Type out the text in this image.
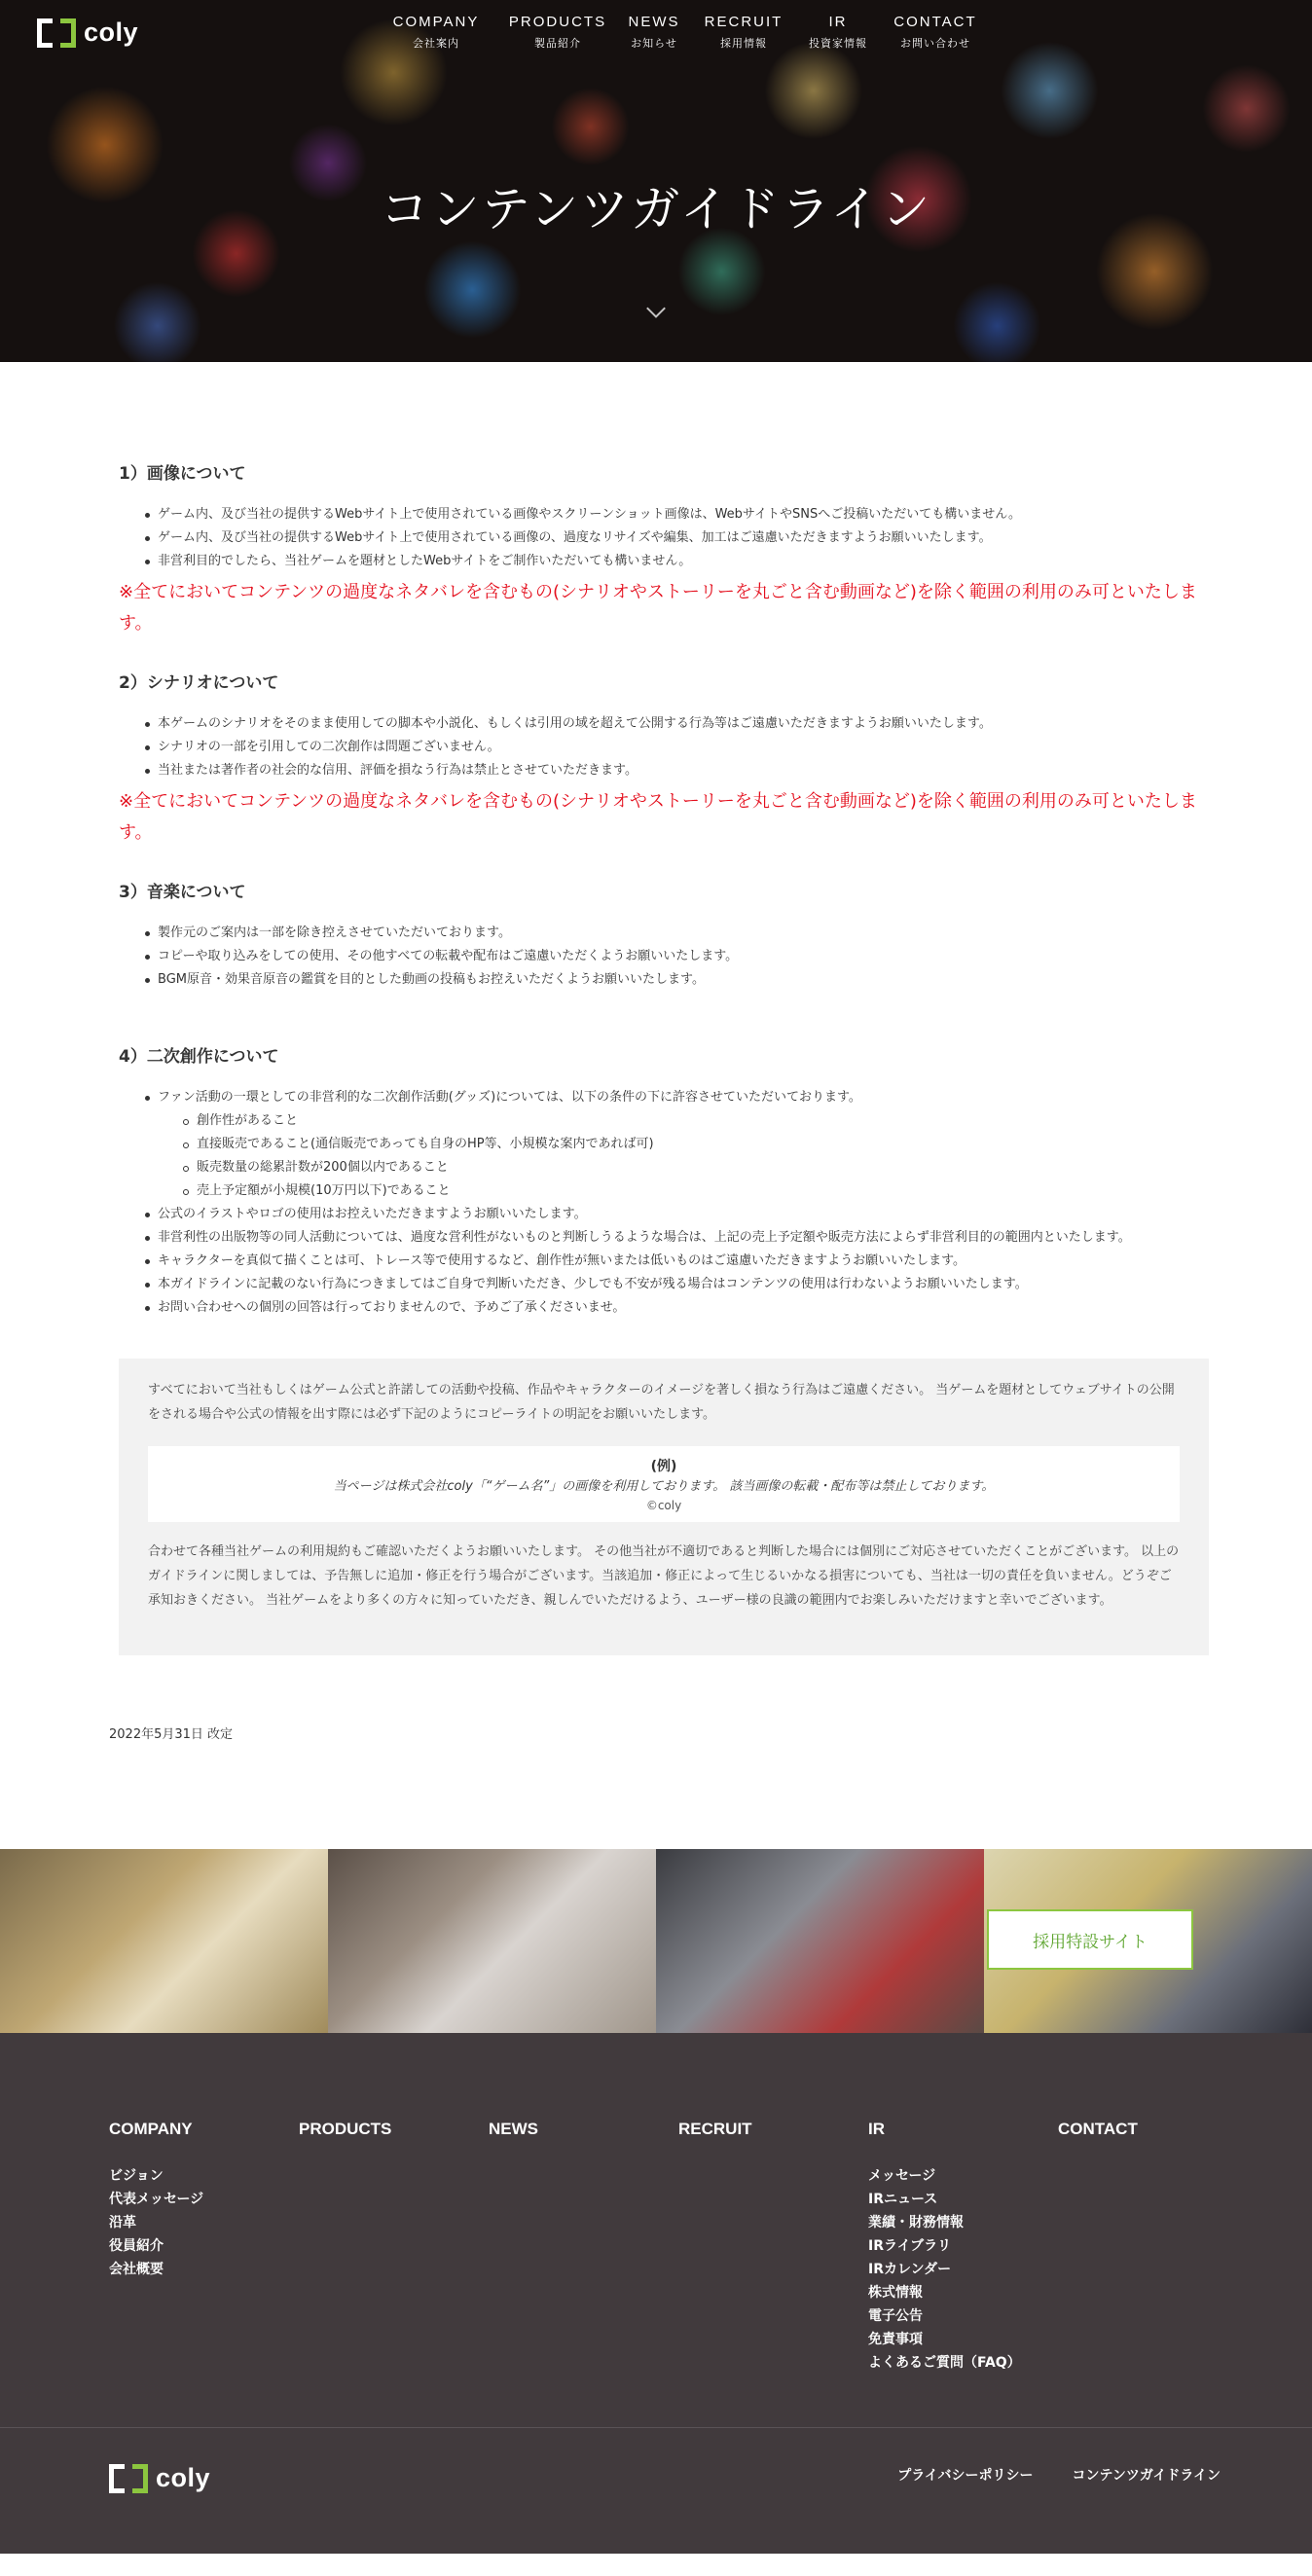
coly	COMPANY
会社案内
PRODUCTS
製品紹介
NEWS
お知らせ
RECRUIT
採用情報
IR
投資家情報
CONTACT
お問い合わせ
コンテンツガイドライン
1）画像について
ゲーム内、及び当社の提供するWebサイト上で使用されている画像やスクリーンショット画像は、WebサイトやSNSへご投稿いただいても構いません。
ゲーム内、及び当社の提供するWebサイト上で使用されている画像の、過度なリサイズや編集、加工はご遠慮いただきますようお願いいたします。
非営利目的でしたら、当社ゲームを題材としたWebサイトをご制作いただいても構いません。

※全てにおいてコンテンツの過度なネタバレを含むもの(シナリオやストーリーを丸ごと含む動画など)を除く範囲の利用のみ可といたします。

2）シナリオについて
本ゲームのシナリオをそのまま使用しての脚本や小説化、もしくは引用の域を超えて公開する行為等はご遠慮いただきますようお願いいたします。
シナリオの一部を引用しての二次創作は問題ございません。
当社または著作者の社会的な信用、評価を損なう行為は禁止とさせていただきます。

※全てにおいてコンテンツの過度なネタバレを含むもの(シナリオやストーリーを丸ごと含む動画など)を除く範囲の利用のみ可といたします。

3）音楽について
製作元のご案内は一部を除き控えさせていただいております。
コピーや取り込みをしての使用、その他すべての転載や配布はご遠慮いただくようお願いいたします。
BGM原音・効果音原音の鑑賞を目的とした動画の投稿もお控えいただくようお願いいたします。
4）二次創作について
ファン活動の一環としての非営利的な二次創作活動(グッズ)については、以下の条件の下に許容させていただいております。
創作性があること
直接販売であること(通信販売であっても自身のHP等、小規模な案内であれば可)
販売数量の総累計数が200個以内であること
売上予定額が小規模(10万円以下)であること
公式のイラストやロゴの使用はお控えいただきますようお願いいたします。
非営利性の出版物等の同人活動については、過度な営利性がないものと判断しうるような場合は、上記の売上予定額や販売方法によらず非営利目的の範囲内といたします。
キャラクターを真似て描くことは可、トレース等で使用するなど、創作性が無いまたは低いものはご遠慮いただきますようお願いいたします。
本ガイドラインに記載のない行為につきましてはご自身で判断いただき、少しでも不安が残る場合はコンテンツの使用は行わないようお願いいたします。
お問い合わせへの個別の回答は行っておりませんので、予めご了承くださいませ。

すべてにおいて当社もしくはゲーム公式と許諾しての活動や投稿、作品やキャラクターのイメージを著しく損なう行為はご遠慮ください。 当ゲームを題材としてウェブサイトの公開をされる場合や公式の情報を出す際には必ず下記のようにコピーライトの明記をお願いいたします。

(例)
当ページは株式会社coly「“ゲーム名”」の画像を利用しております。 該当画像の転載・配布等は禁止しております。
©coly

合わせて各種当社ゲームの利用規約もご確認いただくようお願いいたします。 その他当社が不適切であると判断した場合には個別にご対応させていただくことがございます。 以上のガイドラインに関しましては、予告無しに追加・修正を行う場合がございます。当該追加・修正によって生じるいかなる損害についても、当社は一切の責任を負いません。どうぞご承知おきください。 当社ゲームをより多くの方々に知っていただき、親しんでいただけるよう、ユーザー様の良識の範囲内でお楽しみいただけますと幸いでございます。

2022年5月31日 改定

採用特設サイト
COMPANY
ビジョン
代表メッセージ
沿革
役員紹介
会社概要
PRODUCTS	NEWS	RECRUIT	IR
メッセージ
IRニュース
業績・財務情報
IRライブラリ
IRカレンダー
株式情報
電子公告
免責事項
よくあるご質問（FAQ）
CONTACT
coly	プライバシーポリシー	コンテンツガイドライン
